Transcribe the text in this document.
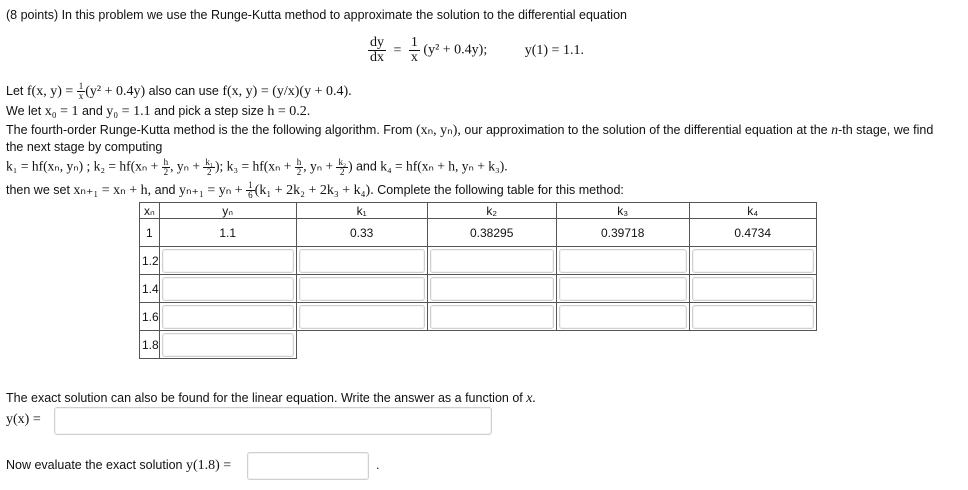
(8 points) In this problem we use the Runge-Kutta method to approximate the solution to the differential equation
$\frac{dy}{dx} = \frac{1}{x} (y^2 + 0.4y)$;	y(1) = 1.1.
Let f(x, $y) = \frac{1}{x} (y^2 + 0.4y)$ also can use f(x, y) = (y/x)(y + 0.4).
We let x₀ = 1 and y₀ = 1.1 and pick a step size h = 0.2.
The fourth-order Runge-Kutta method is the the following algorithm. From (xₙ, yₙ), our approximation to the solution of the differential equation at the n-th stage, we find
the next stage by computing
k₁ = hf(xₙ, yₙ) ; $k_2 = hf(x_n + \frac{h}{2}$ , $y_n + \frac{\text{k₁}}{2}$ ); $k_3 = hf(x_n + \frac{h}{2}$ , $y_n + \frac{\text{k₂}}{2}$ ) and k₄ = hf(xₙ + h, yₙ + k₃).
then we set xₙ₊₁ = xₙ + h, and $y_{n+1} = y_n + \frac{1}{6} (k_1 + 2k_2 + 2k_3 + k_4)$. Complete the following table for this method:
xₙ	yₙ	k₁	k₂	k₃	k₄
1	1.1	0.33	0.38295	0.39718	0.4734
1.2	

1.4	

1.6	

1.8	

The exact solution can also be found for the linear equation. Write the answer as a function of x.
y(x) =
Now evaluate the exact solution y(1.8) =	.
